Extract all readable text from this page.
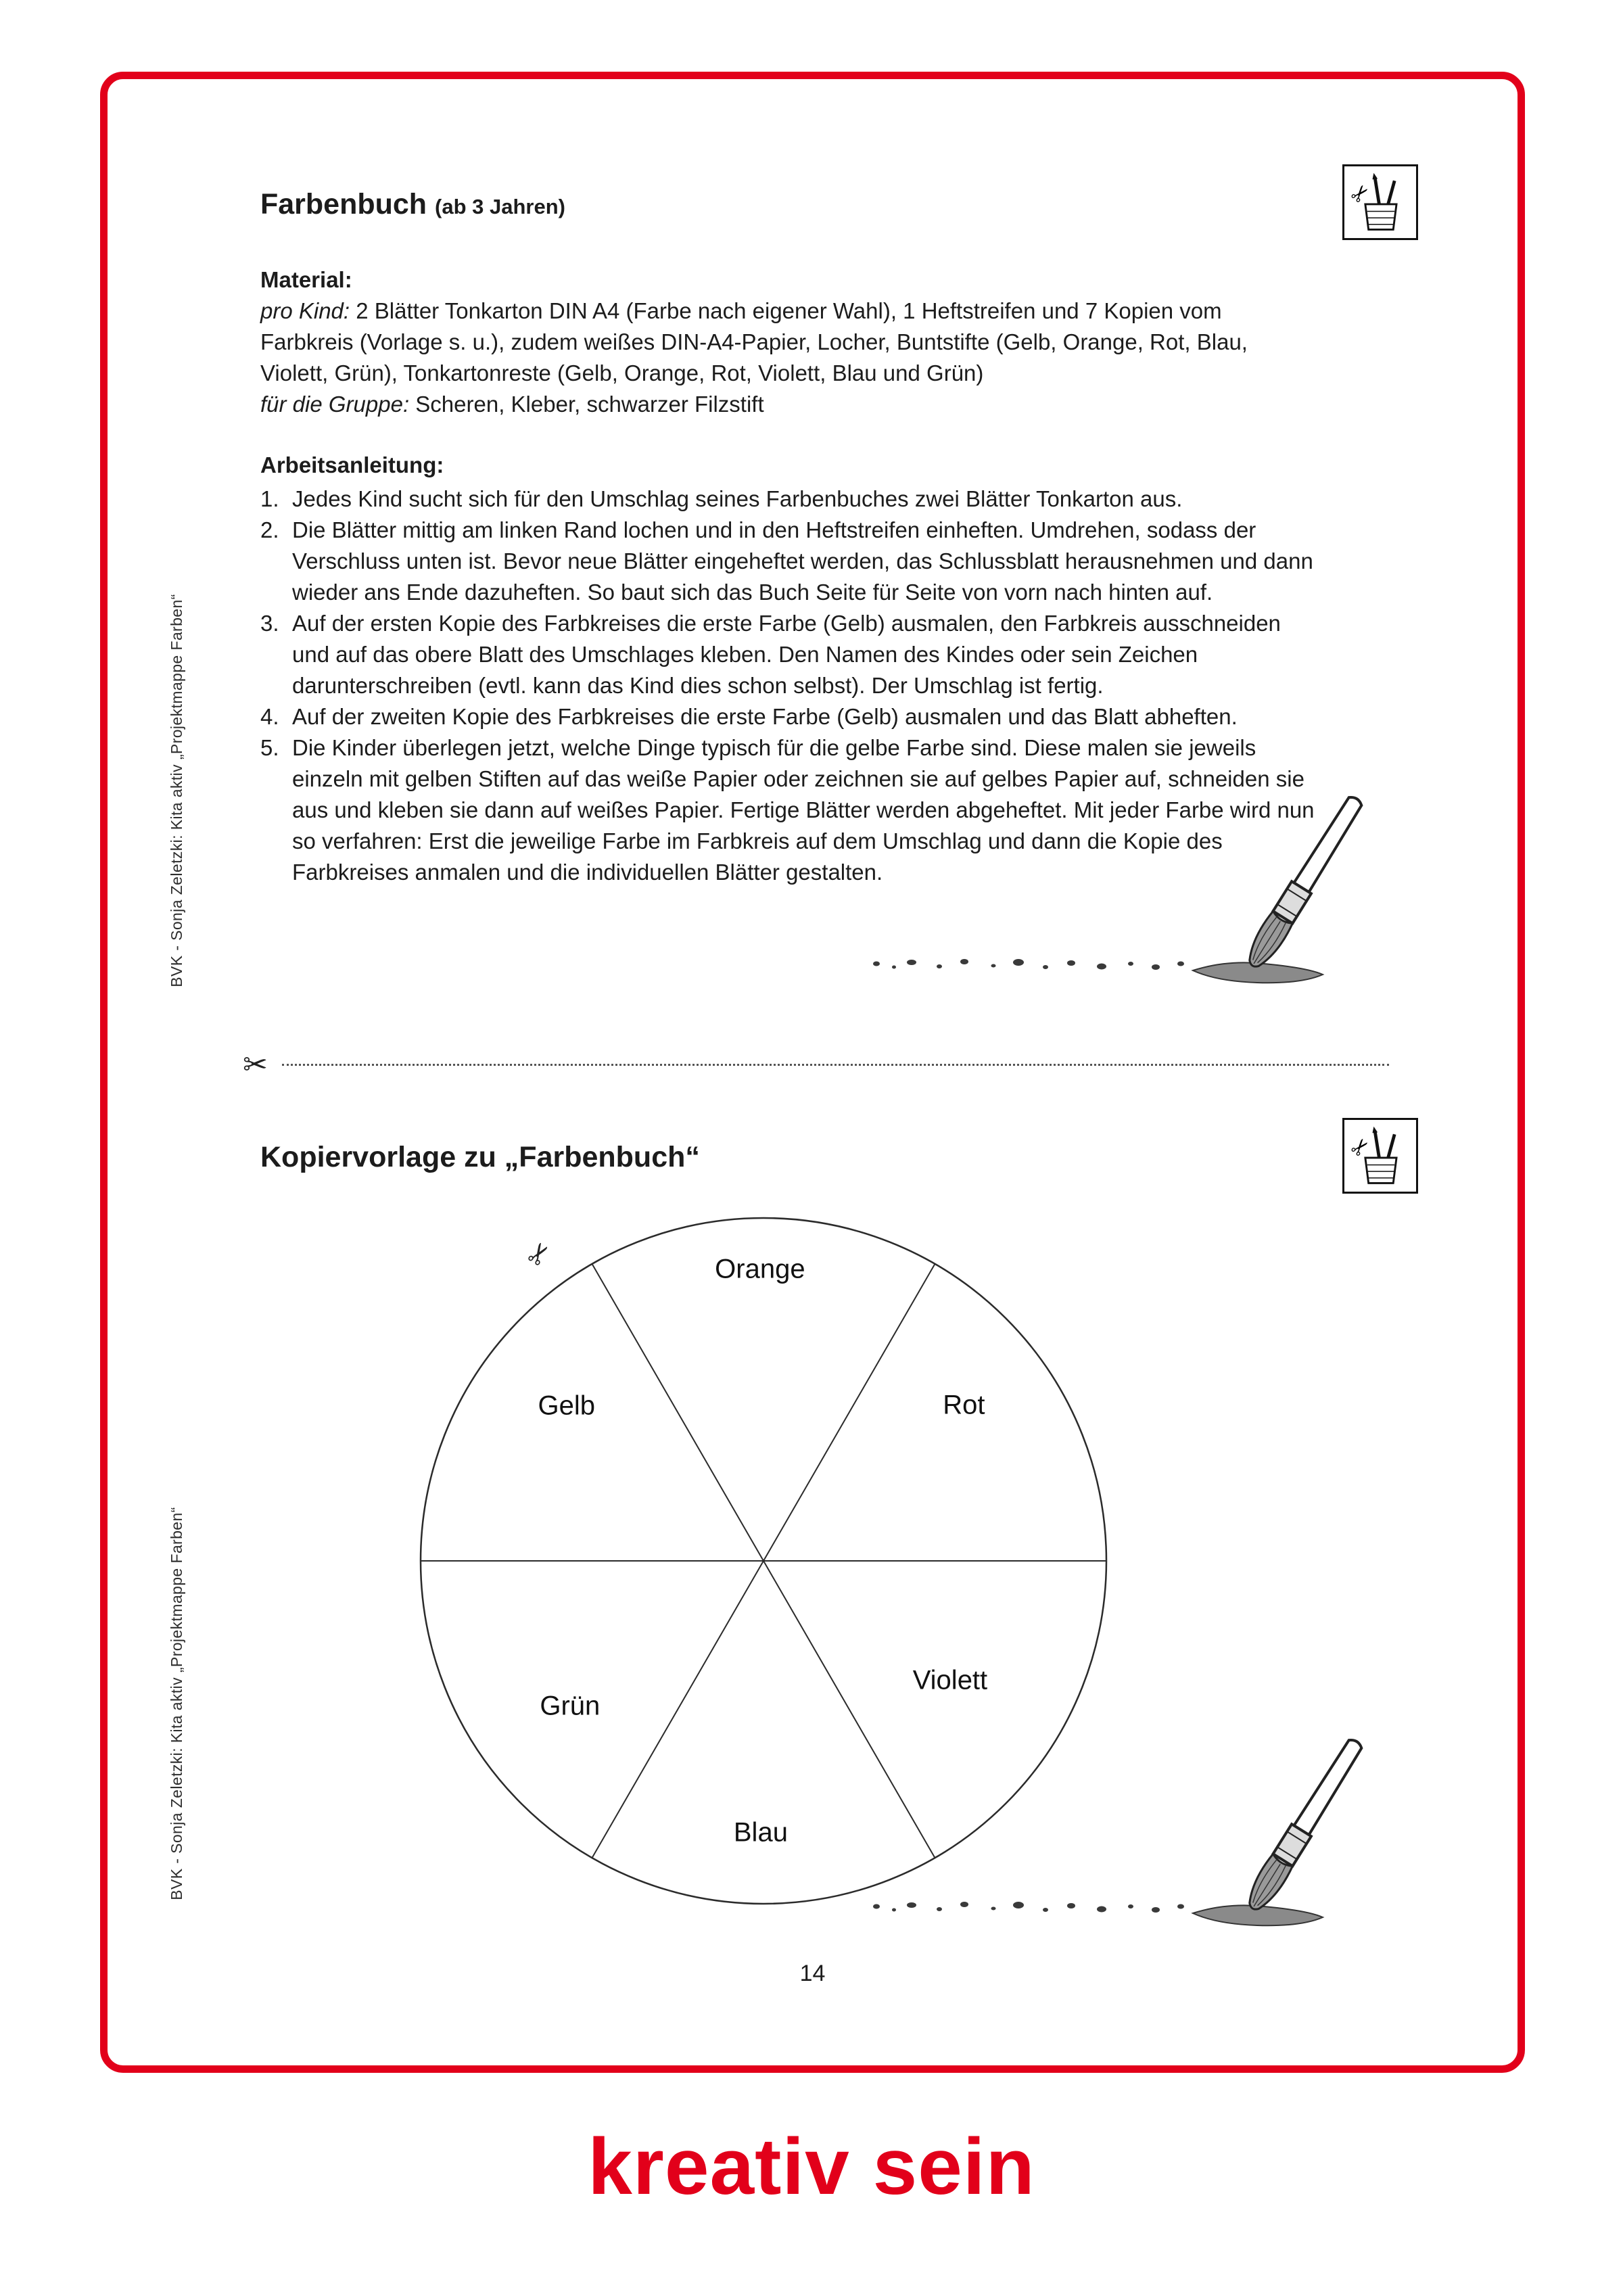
BVK - Sonja Zeletzki: Kita aktiv „Projektmappe Farben“
BVK - Sonja Zeletzki: Kita aktiv „Projektmappe Farben“
Farbenbuch (ab 3 Jahren)
Material:

pro Kind: 2 Blätter Tonkarton DIN A4 (Farbe nach eigener Wahl), 1 Heftstreifen und 7 Kopien vom Farbkreis (Vorlage s. u.), zudem weißes DIN-A4-Papier, Locher, Buntstifte (Gelb, Orange, Rot, Blau, Violett, Grün), Tonkartonreste (Gelb, Orange, Rot, Violett, Blau und Grün)

für die Gruppe: Scheren, Kleber, schwarzer Filzstift

Arbeitsanleitung:
Jedes Kind sucht sich für den Umschlag seines Farbenbuches zwei Blätter Tonkarton aus.
Die Blätter mittig am linken Rand lochen und in den Heftstreifen einheften. Umdrehen, sodass der Verschluss unten ist. Bevor neue Blätter eingeheftet werden, das Schlussblatt herausnehmen und dann wieder ans Ende dazuheften. So baut sich das Buch Seite für Seite von vorn nach hinten auf.
Auf der ersten Kopie des Farbkreises die erste Farbe (Gelb) ausmalen, den Farbkreis ausschneiden und auf das obere Blatt des Umschlages kleben. Den Namen des Kindes oder sein Zeichen darunterschreiben (evtl. kann das Kind dies schon selbst). Der Umschlag ist fertig.
Auf der zweiten Kopie des Farbkreises die erste Farbe (Gelb) ausmalen und das Blatt abheften.
Die Kinder überlegen jetzt, welche Dinge typisch für die gelbe Farbe sind. Diese malen sie jeweils einzeln mit gelben Stiften auf das weiße Papier oder zeichnen sie auf gelbes Papier auf, schneiden sie aus und kleben sie dann auf weißes Papier. Fertige Blätter werden abgeheftet. Mit jeder Farbe wird nun so verfahren: Erst die jeweilige Farbe im Farbkreis auf dem Umschlag und dann die Kopie des Farbkreises anmalen und die individuellen Blätter gestalten.
✂
Kopiervorlage zu „Farbenbuch“
✂	Orange
Rot
Violett
Blau
Grün
Gelb
14
kreativ sein
